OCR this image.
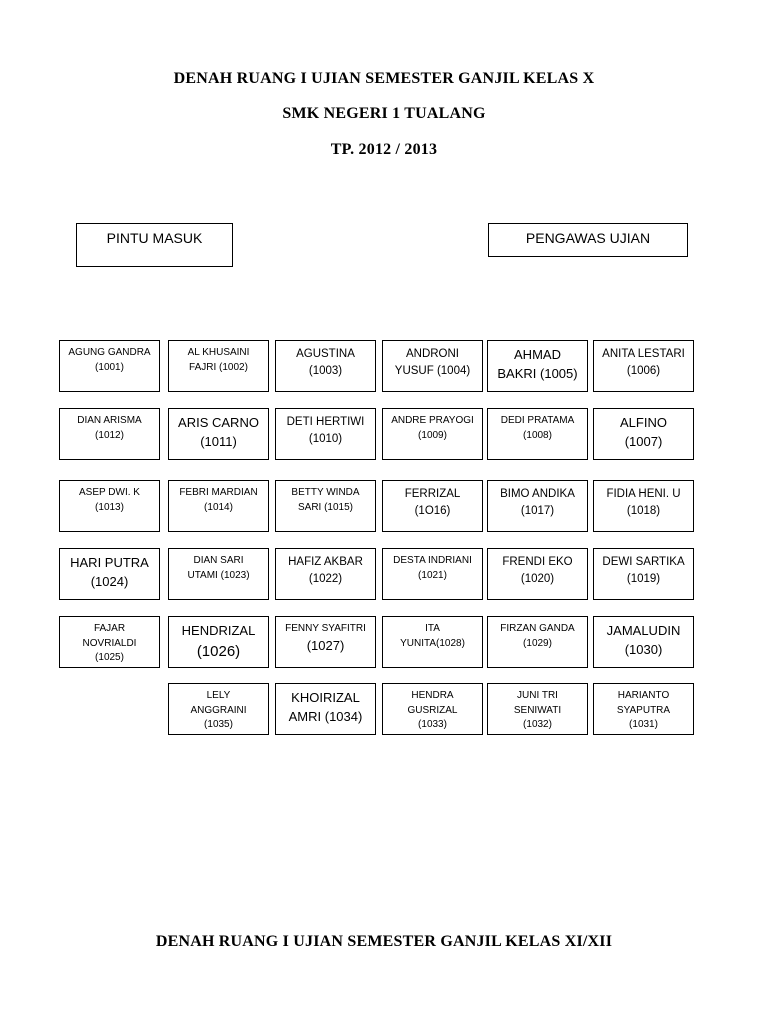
DENAH RUANG I UJIAN SEMESTER GANJIL KELAS X
SMK NEGERI 1 TUALANG
TP. 2012 / 2013
PINTU MASUK	PENGAWAS UJIAN
AGUNG GANDRA
(1001)
AL KHUSAINI
FAJRI (1002)
AGUSTINA
(1003)
ANDRONI
YUSUF (1004)
AHMAD
BAKRI (1005)
ANITA LESTARI
(1006)
DIAN ARISMA
(1012)
ARIS CARNO
(1011)
DETI HERTIWI
(1010)
ANDRE PRAYOGI
(1009)
DEDI PRATAMA
(1008)
ALFINO
(1007)
ASEP DWI. K
(1013)
FEBRI MARDIAN
(1014)
BETTY WINDA
SARI (1015)
FERRIZAL
(1O16)
BIMO ANDIKA
(1017)
FIDIA HENI. U
(1018)
HARI PUTRA
(1024)
DIAN SARI
UTAMI (1023)
HAFIZ AKBAR
(1022)
DESTA INDRIANI
(1021)
FRENDI EKO
(1020)
DEWI SARTIKA
(1019)
FAJAR
NOVRIALDI
(1025)
HENDRIZAL
(1026)
FENNY SYAFITRI
(1027)
ITA
YUNITA(1028)
FIRZAN GANDA
(1029)
JAMALUDIN
(1030)
LELY
ANGGRAINI
(1035)
KHOIRIZAL
AMRI (1034)
HENDRA
GUSRIZAL
(1033)
JUNI TRI
SENIWATI
(1032)
HARIANTO
SYAPUTRA
(1031)
DENAH RUANG I UJIAN SEMESTER GANJIL KELAS XI/XII
